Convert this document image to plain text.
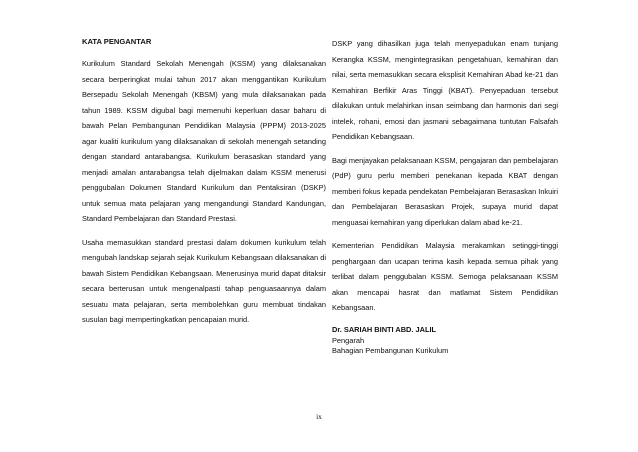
KATA PENGANTAR

Kurikulum Standard Sekolah Menengah (KSSM) yang dilaksanakan secara berperingkat mulai tahun 2017 akan menggantikan Kurikulum Bersepadu Sekolah Menengah (KBSM) yang mula dilaksanakan pada tahun 1989. KSSM digubal bagi memenuhi keperluan dasar baharu di bawah Pelan Pembangunan Pendidikan Malaysia (PPPM) 2013-2025 agar kualiti kurikulum yang dilaksanakan di sekolah menengah setanding dengan standard antarabangsa. Kurikulum berasaskan standard yang menjadi amalan antarabangsa telah dijelmakan dalam KSSM menerusi penggubalan Dokumen Standard Kurikulum dan Pentaksiran (DSKP) untuk semua mata pelajaran yang mengandungi Standard Kandungan, Standard Pembelajaran dan Standard Prestasi.

Usaha memasukkan standard prestasi dalam dokumen kurikulum telah mengubah landskap sejarah sejak Kurikulum Kebangsaan dilaksanakan di bawah Sistem Pendidikan Kebangsaan. Menerusinya murid dapat ditaksir secara berterusan untuk mengenalpasti tahap penguasaannya dalam sesuatu mata pelajaran, serta membolehkan guru membuat tindakan susulan bagi mempertingkatkan pencapaian murid.

DSKP yang dihasilkan juga telah menyepadukan enam tunjang Kerangka KSSM, mengintegrasikan pengetahuan, kemahiran dan nilai, serta memasukkan secara eksplisit Kemahiran Abad ke-21 dan Kemahiran Berfikir Aras Tinggi (KBAT). Penyepaduan tersebut dilakukan untuk melahirkan insan seimbang dan harmonis dari segi intelek, rohani, emosi dan jasmani sebagaimana tuntutan Falsafah Pendidikan Kebangsaan.

Bagi menjayakan pelaksanaan KSSM, pengajaran dan pembelajaran (PdP) guru perlu memberi penekanan kepada KBAT dengan memberi fokus kepada pendekatan Pembelajaran Berasaskan Inkuiri dan Pembelajaran Berasaskan Projek, supaya murid dapat menguasai kemahiran yang diperlukan dalam abad ke-21.

Kementerian Pendidikan Malaysia merakamkan setinggi-tinggi penghargaan dan ucapan terima kasih kepada semua pihak yang terlibat dalam penggubalan KSSM. Semoga pelaksanaan KSSM akan mencapai hasrat dan matlamat Sistem Pendidikan Kebangsaan.

Dr. SARIAH BINTI ABD. JALIL
Pengarah
Bahagian Pembangunan Kurikulum
ix
